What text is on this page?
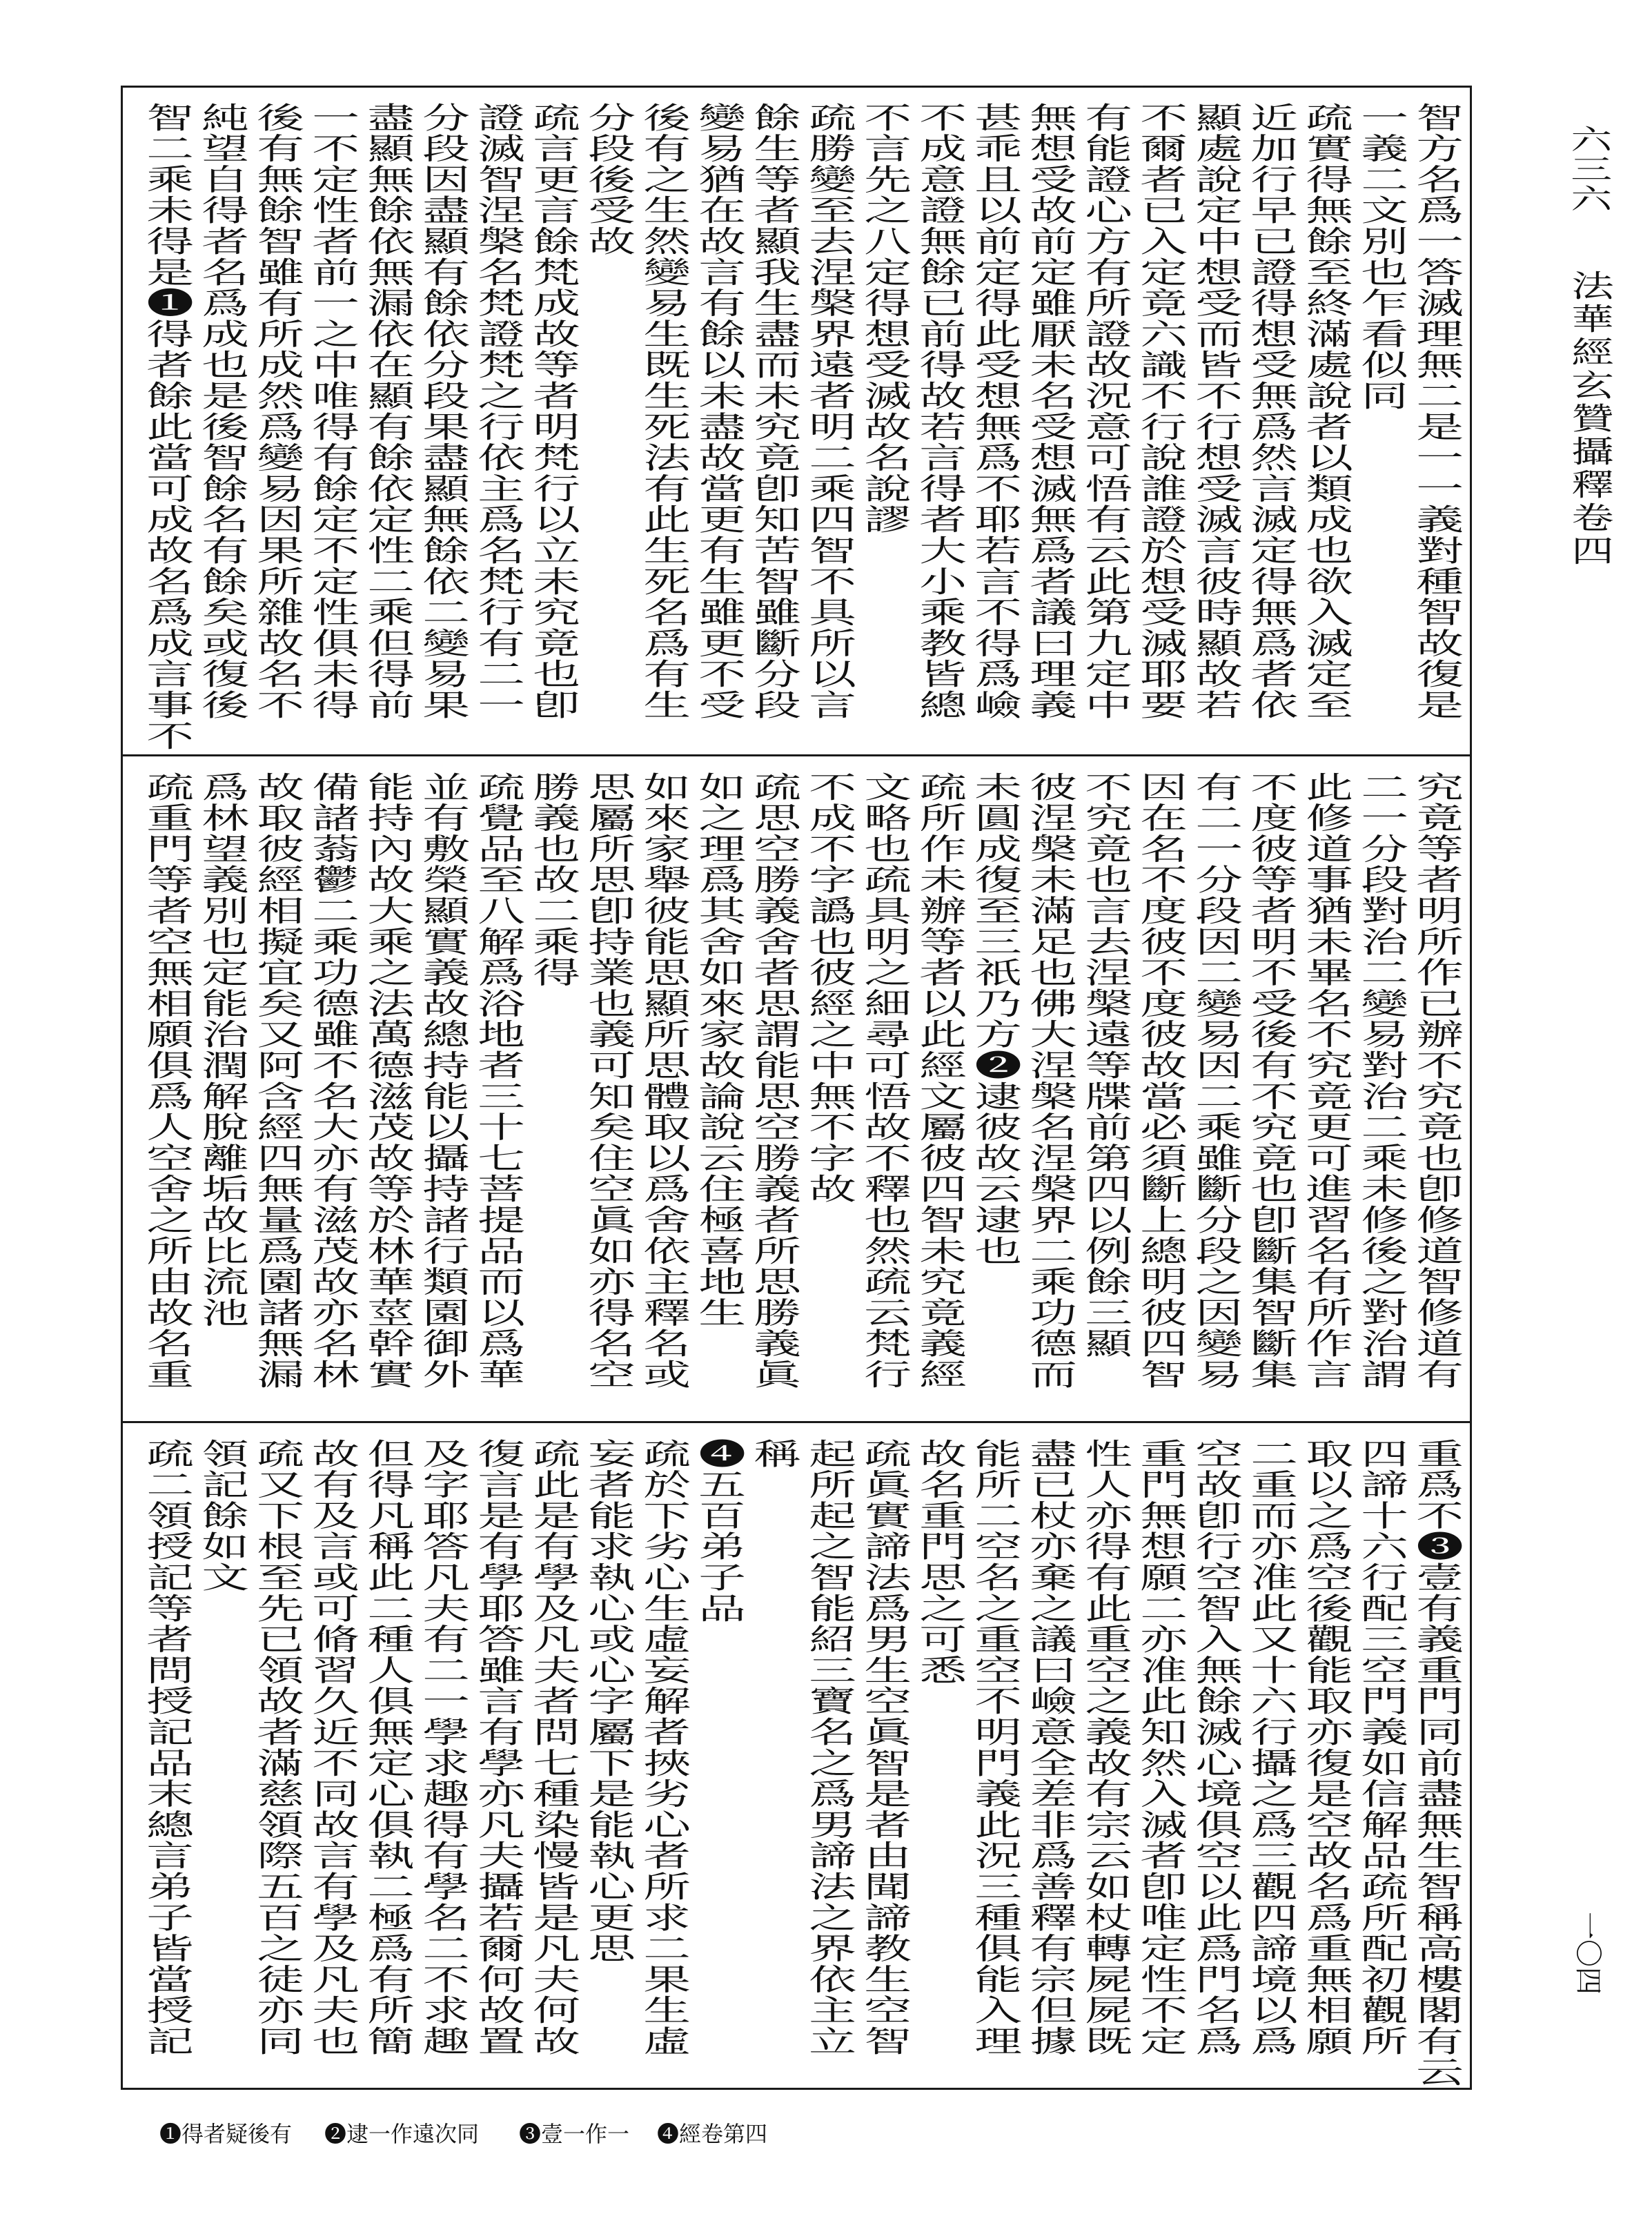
六三六
法華經玄贊攝釋卷四
一〇四
智方名爲一答滅理無二是一一義對種智故復是
一義二文別也乍看似同
疏實得無餘至終滿處說者以類成也欲入滅定至
近加行早已證得想受無爲然言滅定得無爲者依
顯處說定中想受而皆不行想受滅言彼時顯故若
不爾者已入定竟六識不行說誰證於想受滅耶要
有能證心方有所證故況意可悟有云此第九定中
無想受故前定雖厭未名受想滅無爲者議曰理義
甚乖且以前定得此受想無爲不耶若言不得爲嶮
不成意證無餘已前得故若言得者大小乘教皆總
不言先之八定得想受滅故名說謬
疏勝變至去涅槃界遠者明二乘四智不具所以言
餘生等者顯我生盡而未究竟卽知苦智雖斷分段
變易猶在故言有餘以未盡故當更有生雖更不受
後有之生然變易生既生死法有此生死名爲有生
分段後受故
疏言更言餘梵成故等者明梵行以立未究竟也卽
證滅智涅槃名梵證梵之行依主爲名梵行有二一
分段因盡顯有餘依分段果盡顯無餘依二變易果
盡顯無餘依無漏依在顯有餘依定性二乘但得前
一不定性者前一之中唯得有餘定不定性俱未得
後有無餘智雖有所成然爲變易因果所雜故名不
純望自得者名爲成也是後智餘名有餘矣或復後
智二乘未得是❶得者餘此當可成故名爲成言事不
究竟等者明所作已辦不究竟也卽修道智修道有
二一分段對治二變易對治二乘未修後之對治謂
此修道事猶未畢名不究竟更可進習名有所作言
不度彼等者明不受後有不究竟也卽斷集智斷集
有二一分段因二變易因二乘雖斷分段之因變易
因在名不度彼不度彼故當必須斷上總明彼四智
不究竟也言去涅槃遠等牒前第四以例餘三顯
彼涅槃未滿足也佛大涅槃名涅槃界二乘功德而
未圓成復至三祇乃方❷逮彼故云逮也
疏所作未辦等者以此經文屬彼四智未究竟義經
文略也疏具明之細尋可悟故不釋也然疏云梵行
不成不字譌也彼經之中無不字故
疏思空勝義舍者思謂能思空勝義者所思勝義眞
如之理爲其舍如來家故論說云住極喜地生
如來家舉彼能思顯所思體取以爲舍依主釋名或
思屬所思卽持業也義可知矣住空眞如亦得名空
勝義也故二乘得
疏覺品至八解爲浴地者三十七菩提品而以爲華
並有敷榮顯實義故總持能以攝持諸行類園御外
能持內故大乘之法萬德滋茂故等於林華莖幹實
備諸蓊鬱二乘功德雖不名大亦有滋茂故亦名林
故取彼經相擬宜矣又阿含經四無量爲園諸無漏
爲林望義別也定能治潤解脫離垢故比流池
疏重門等者空無相願俱爲人空舍之所由故名重
重爲不❸壹有義重門同前盡無生智稱高樓閣有云
四諦十六行配三空門義如信解品疏所配初觀所
取以之爲空後觀能取亦復是空故名爲重無相願
二重而亦准此又十六行攝之爲三觀四諦境以爲
空故卽行空智入無餘滅心境俱空以此爲門名爲
重門無想願二亦准此知然入滅者卽唯定性不定
性人亦得有此重空之義故有宗云如杖轉屍屍既
盡已杖亦棄之議曰嶮意全差非爲善釋有宗但據
能所二空名之重空不明門義此況三種俱能入理
故名重門思之可悉
疏眞實諦法爲男生空眞智是者由聞諦教生空智
起所起之智能紹三寶名之爲男諦法之界依主立
稱
❹五百弟子品
疏於下劣心生虛妄解者挾劣心者所求二果生虛
妄者能求執心或心字屬下是能執心更思
疏此是有學及凡夫者問七種染慢皆是凡夫何故
復言是有學耶答雖言有學亦凡夫攝若爾何故置
及字耶答凡夫有二一學求趣得有學名二不求趣
但得凡稱此二種人俱無定心俱執二極爲有所簡
故有及言或可脩習久近不同故言有學及凡夫也
疏又下根至先已領故者滿慈領際五百之徒亦同
領記餘如文
疏二領授記等者問授記品末總言弟子皆當授記
❶得者疑後有 ❷逮一作遠次同 ❸壹一作一 ❹經卷第四
